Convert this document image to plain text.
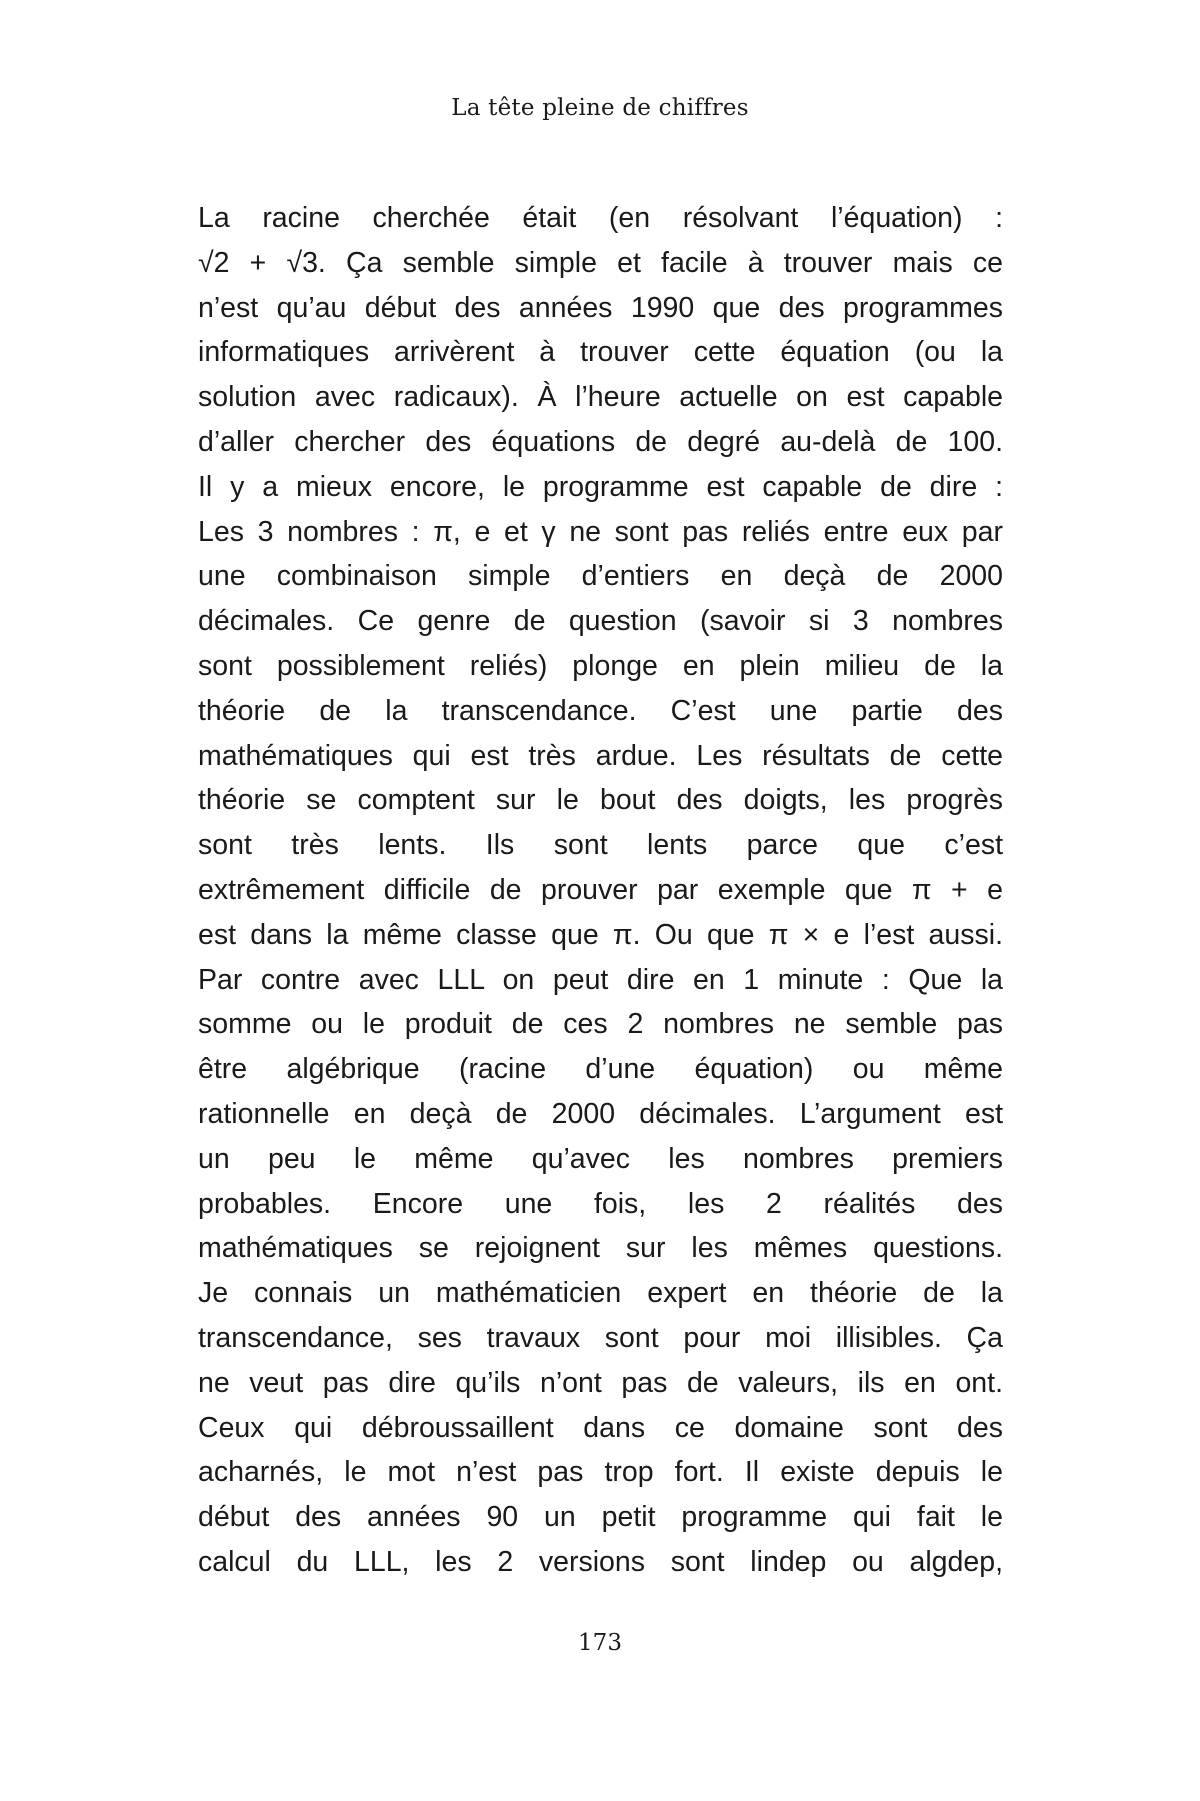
La tête pleine de chiffres
La racine cherchée était (en résolvant l’équation) :
√2 + √3. Ça semble simple et facile à trouver mais ce
n’est qu’au début des années 1990 que des programmes
informatiques arrivèrent à trouver cette équation (ou la
solution avec radicaux). À l’heure actuelle on est capable
d’aller chercher des équations de degré au-delà de 100.
Il y a mieux encore, le programme est capable de dire :
Les 3 nombres : π, e et γ ne sont pas reliés entre eux par
une combinaison simple d’entiers en deçà de 2000
décimales. Ce genre de question (savoir si 3 nombres
sont possiblement reliés) plonge en plein milieu de la
théorie de la transcendance. C’est une partie des
mathématiques qui est très ardue. Les résultats de cette
théorie se comptent sur le bout des doigts, les progrès
sont très lents. Ils sont lents parce que c’est
extrêmement difficile de prouver par exemple que π + e
est dans la même classe que π. Ou que π × e l’est aussi.
Par contre avec LLL on peut dire en 1 minute : Que la
somme ou le produit de ces 2 nombres ne semble pas
être algébrique (racine d’une équation) ou même
rationnelle en deçà de 2000 décimales. L’argument est
un peu le même qu’avec les nombres premiers
probables. Encore une fois, les 2 réalités des
mathématiques se rejoignent sur les mêmes questions.
Je connais un mathématicien expert en théorie de la
transcendance, ses travaux sont pour moi illisibles. Ça
ne veut pas dire qu’ils n’ont pas de valeurs, ils en ont.
Ceux qui débroussaillent dans ce domaine sont des
acharnés, le mot n’est pas trop fort. Il existe depuis le
début des années 90 un petit programme qui fait le
calcul du LLL, les 2 versions sont lindep ou algdep,
173
